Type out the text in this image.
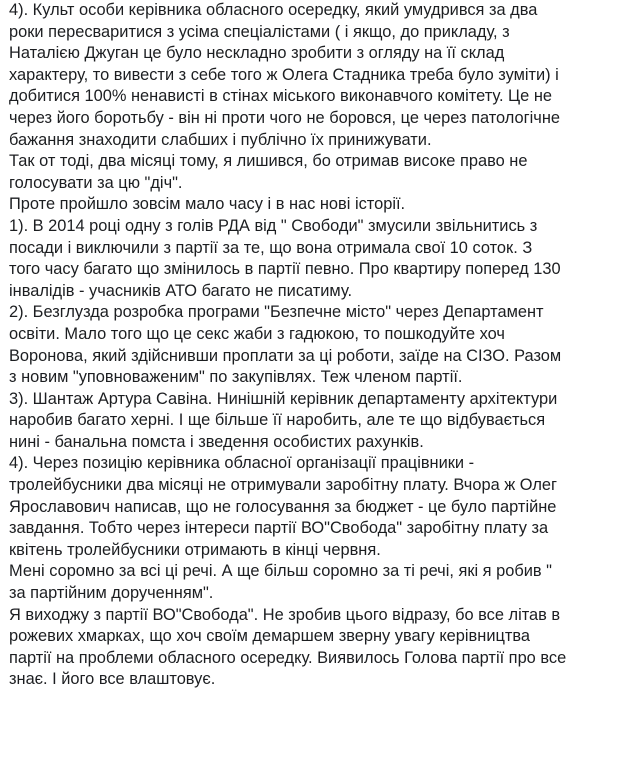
4). Культ особи керівника обласного осередку, який умудрився за два
роки пересваритися з усіма спеціалістами ( і якщо, до прикладу, з
Наталією Джуган це було нескладно зробити з огляду на її склад
характеру, то вивести з себе того ж Олега Стадника треба було зуміти) і
добитися 100% ненависті в стінах міського виконавчого комітету. Це не
через його боротьбу - він ні проти чого не боровся, це через патологічне
бажання знаходити слабших і публічно їх принижувати.
Так от тоді, два місяці тому, я лишився, бо отримав високе право не
голосувати за цю "діч".
Проте пройшло зовсім мало часу і в нас нові історії.
1). В 2014 році одну з голів РДА від " Свободи" змусили звільнитись з
посади і виключили з партії за те, що вона отримала свої 10 соток. З
того часу багато що змінилось в партії певно. Про квартиру поперед 130
інвалідів - учасників АТО багато не писатиму.
2). Безглузда розробка програми "Безпечне місто" через Департамент
освіти. Мало того що це секс жаби з гадюкою, то пошкодуйте хоч
Воронова, який здійснивши проплати за ці роботи, заїде на СІЗО. Разом
з новим "уповноваженим" по закупівлях. Теж членом партії.
3). Шантаж Артура Савіна. Нинішній керівник департаменту архітектури
наробив багато херні. І ще більше її наробить, але те що відбувається
нині - банальна помста і зведення особистих рахунків.
4). Через позицію керівника обласної організації працівники -
тролейбусники два місяці не отримували заробітну плату. Вчора ж Олег
Ярославович написав, що не голосування за бюджет - це було партійне
завдання. Тобто через інтереси партії ВО"Свобода" заробітну плату за
квітень тролейбусники отримають в кінці червня.
Мені соромно за всі ці речі. А ще більш соромно за ті речі, які я робив "
за партійним дорученням".
Я виходжу з партії ВО"Свобода". Не зробив цього відразу, бо все літав в
рожевих хмарках, що хоч своїм демаршем зверну увагу керівництва
партії на проблеми обласного осередку. Виявилось Голова партії про все
знає. І його все влаштовує.
